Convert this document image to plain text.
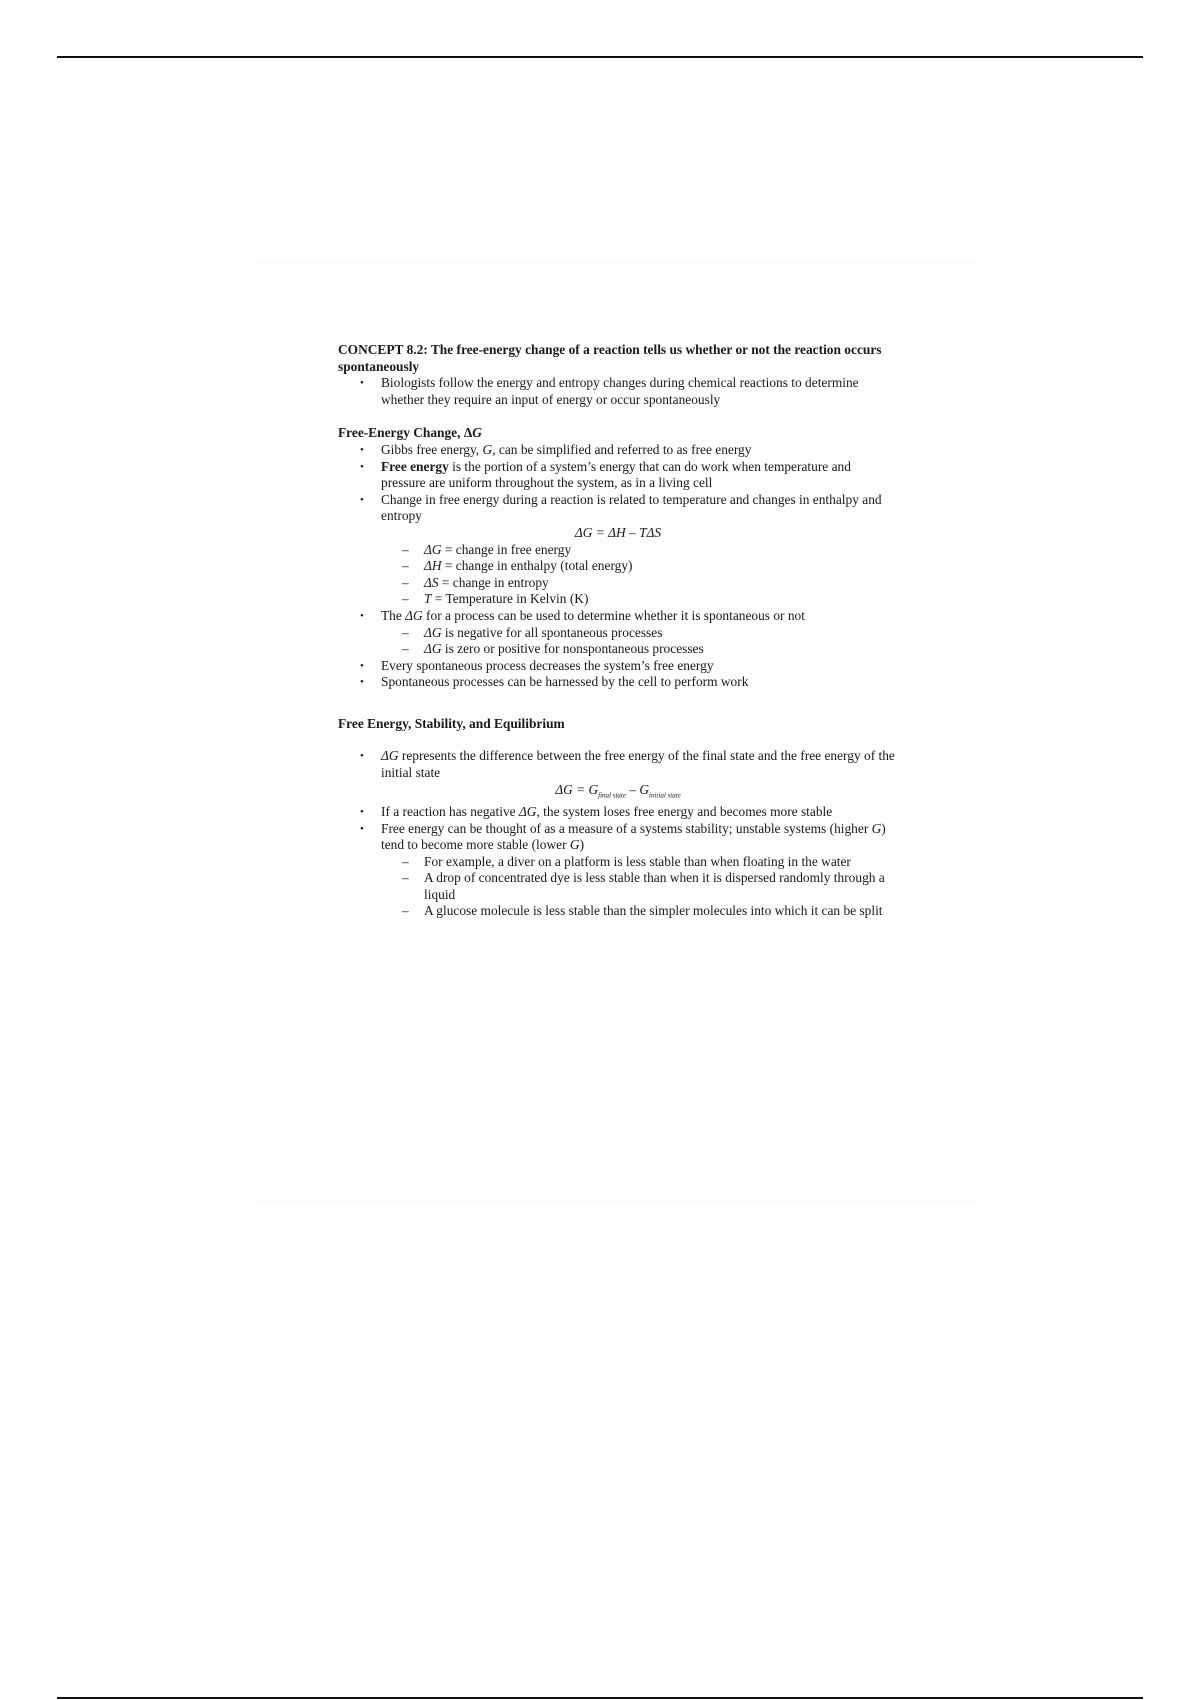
CONCEPT 8.2: The free-energy change of a reaction tells us whether or not the reaction occurs spontaneously

• Biologists follow the energy and entropy changes during chemical reactions to determine whether they require an input of energy or occur spontaneously

Free-Energy Change, ΔG

• Gibbs free energy, G, can be simplified and referred to as free energy
• Free energy is the portion of a system’s energy that can do work when temperature and pressure are uniform throughout the system, as in a living cell
• Change in free energy during a reaction is related to temperature and changes in enthalpy and entropy
ΔG = ΔH – TΔS
– ΔG = change in free energy
– ΔH = change in enthalpy (total energy)
– ΔS = change in entropy
– T = Temperature in Kelvin (K)
• The ΔG for a process can be used to determine whether it is spontaneous or not
– ΔG is negative for all spontaneous processes
– ΔG is zero or positive for nonspontaneous processes
• Every spontaneous process decreases the system’s free energy
• Spontaneous processes can be harnessed by the cell to perform work

Free Energy, Stability, and Equilibrium

• ΔG represents the difference between the free energy of the final state and the free energy of the initial state
$\Delta G = G_{final state} - G_{initial state}$
• If a reaction has negative ΔG, the system loses free energy and becomes more stable
• Free energy can be thought of as a measure of a systems stability; unstable systems (higher G) tend to become more stable (lower G)
– For example, a diver on a platform is less stable than when floating in the water
– A drop of concentrated dye is less stable than when it is dispersed randomly through a liquid
– A glucose molecule is less stable than the simpler molecules into which it can be split
